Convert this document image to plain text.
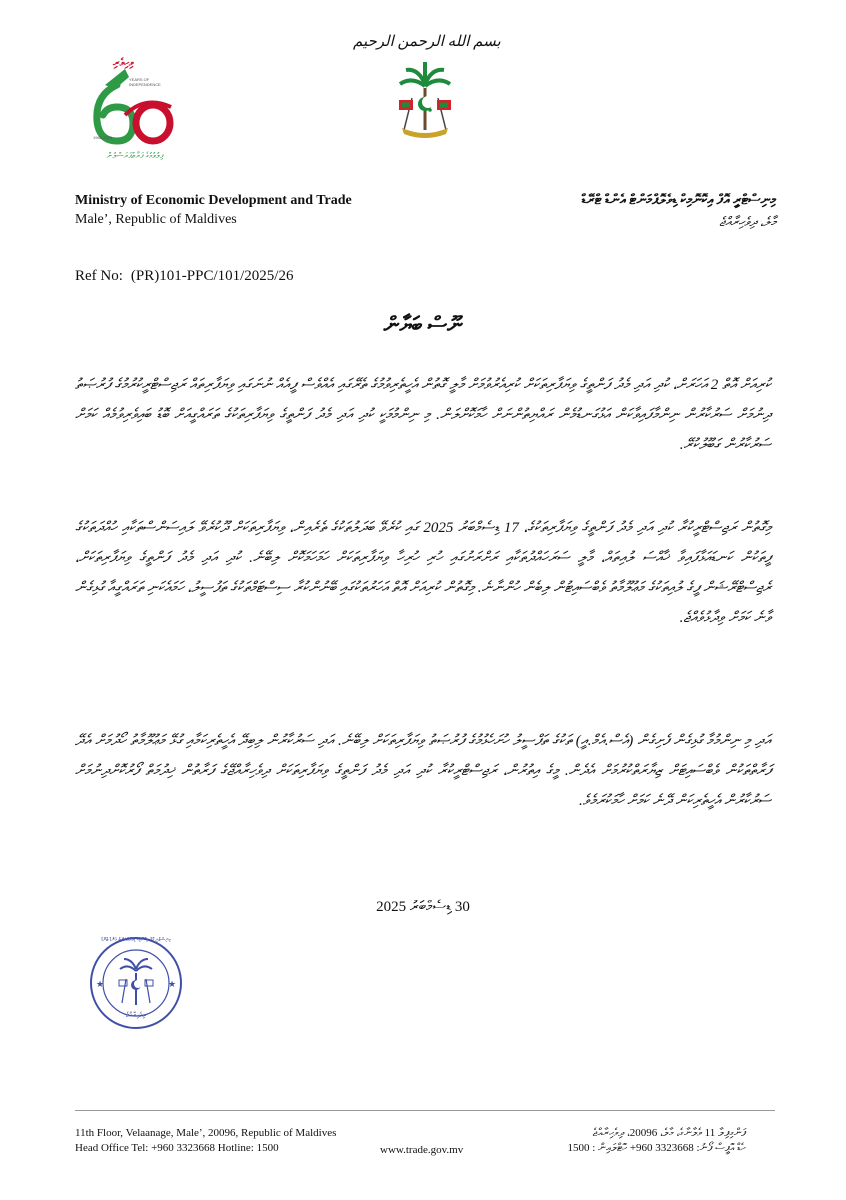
بسم الله الرحمن الرحيم
ވިހިވެރި
YEARS OF INDEPENDENCE
1965-2025
ފިލުވުމުގެ ފަރާތްޕަރަސްލުން
Ministry of Economic Development and Trade
Male’, Republic of Maldives
މިނިސްޓްރީ އޮފް އިކޮނޮމިކް ޑިވެލޮޕްމަންޓް އެންޑް ޓްރޭޑް
މާލެ، ދިވެހިރާއްޖެ
Ref No: (PR)101-PPC/101/2025/26
ނޫސް ބަޔާން
ކުރިއަށް އޮތް 2 އަހަރަށް، ކުދި އަދި މެދު ފަންތީގެ ވިޔަފާރިތަކަށް ކުރިއެރުވުމަށް މާލީ ގޮތުން އެހީތެރިވުމުގެ ތެރޭގައި އެއްވެސް ފީއެއް ނުނަގައި ވިޔަފާރިތައް ރަޖިސްޓްރީކުރުމުގެ ފުރުޞަތު ދިނުމަށް ސަރުކާރުން ނިންމާފައިވާކަން އަޅުގަނޑުމެން ރައްޔިތުންނަށް ހާމަކޮށްލަން. މި ނިންމުމަކީ ކުދި އަދި މެދު ފަންތީގެ ވިޔަފާރިތަކުގެ ތަރައްގީއަށް ބޮޑު ބައިވެރިވުމެއް ކަމަށް ސަރުކާރުން ގަބޫލުކުރޭ.
މިގޮތުން ރަޖިސްޓްރީކުރާ ކުދި އަދި މެދު ފަންތީގެ ވިޔަފާރިތަކުގެ، 17 ޑިސެމްބަރު 2025 ގައި ކުރެވޭ ބަދަލުތަކުގެ ތެރެއިން، ވިޔަފާރިތަކަށް ދޫކުރެވޭ ލައިސަންސްތަކާއި ހުއްދަތަކުގެ ފީތަކުން ކަނޑައަޅާފައިވާ ޚާއްސަ ލުއިތައް، މާލީ ސަރަހައްދުތަކާއި ރަށްރަށުގައި ހުރި ހުރިހާ ވިޔަފާރިތަކަށް ހަމަހަމަކޮށް ލިބޭނެ. ކުދި އަދި މެދު ފަންތީގެ ވިޔަފާރިތަކަށް، ރެޖިސްޓްރޭޝަން ފީގެ ލުއިތަކުގެ މަޢުލޫމާތު ވެބްސައިޓުން ލިބެން ހުންނާނެ. މިގޮތުން ކުރިއަށް އޮތް އަހަރުތަކުގައި ބޭނުންކުރާ ސިސްޓަމްތަކުގެ ތަފުސީލު، ހަމައެކަނި ތަރައްގީއާ ގުޅިގެން ވާނެ ކަމަށް ވިދާޅުވެއްޖެ.
އަދި މި ނިންމުމާ ގުޅިގެން ފެށިގެން (އެސް.އެމް.އީ) ތަކުގެ ތަފްސީލު ހުށަހެޅުމުގެ ފުރުޞަތު ވިޔަފާރިތަކަށް ލިބޭނެ. އަދި ސަރުކާރުން ލިބިދޭ އެހީތެރިކަމާއި ގުޅޭ މަޢުލޫމާތު ހޯދުމަށް އެދޭ ފަރާތްތަކުން ވެބްސައިޓަށް ޒިޔާރަތްކުރުމަށް އެދެން. މީގެ އިތުރުން، ރަޖިސްޓްރީކުރާ ކުދި އަދި މެދު ފަންތީގެ ވިޔަފާރިތަކަށް ދިވެހިރާއްޖޭގެ ފަރާތުން ޚިދުމަތް ފޯރުކޮށްދިނުމަށް ސަރުކާރުން އެހީތެރިކަން ދޭނެ ކަމަށް ހާމަކުރަމެވެ.
30 ޑިސެމްބަރު 2025
★	★
މިނިސްޓްރީ އޮފް އިކޮނޮމިކް ޑިވެލޮޕްމަންޓް އެންޑް ޓްރޭޑް
ދިވެހިރާއްޖެ
11th Floor, Velaanage, Male’, 20096, Republic of Maldives
Head Office Tel: +960 3323668 Hotline: 1500	www.trade.gov.mv
ފަންގިފިލާ 11 ވެލާނާގެ، މާލެ، 20096، ދިވެހިރާއްޖެ
ހެޑް އޮފީސް ފޯނު: 3323668 960+ ހޮޓްލައިން : 1500
